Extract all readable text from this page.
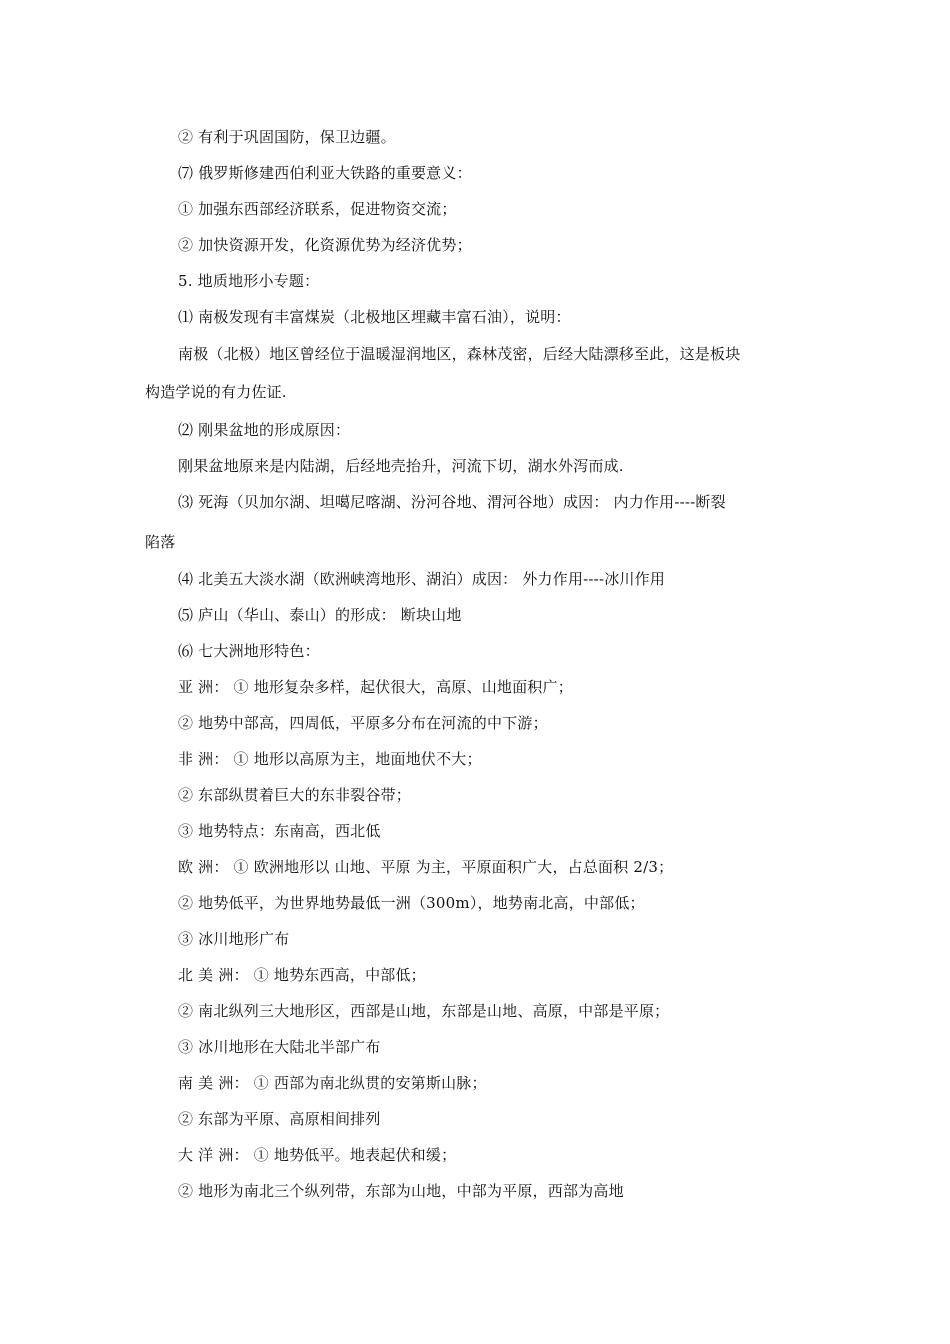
② 有利于巩固国防，保卫边疆。
⑺ 俄罗斯修建西伯利亚大铁路的重要意义：
① 加强东西部经济联系，促进物资交流；
② 加快资源开发，化资源优势为经济优势；
5. 地质地形小专题：
⑴ 南极发现有丰富煤炭（北极地区埋藏丰富石油），说明：
南极（北极）地区曾经位于温暖湿润地区，森林茂密，后经大陆漂移至此，这是板块
构造学说的有力佐证.
⑵ 刚果盆地的形成原因：
刚果盆地原来是内陆湖，后经地壳抬升，河流下切，湖水外泻而成.
⑶ 死海（贝加尔湖、坦噶尼喀湖、汾河谷地、渭河谷地）成因： 内力作用----断裂
陷落
⑷ 北美五大淡水湖（欧洲峡湾地形、湖泊）成因： 外力作用----冰川作用
⑸ 庐山（华山、泰山）的形成： 断块山地
⑹ 七大洲地形特色：
亚 洲： ① 地形复杂多样，起伏很大，高原、山地面积广；
② 地势中部高，四周低，平原多分布在河流的中下游；
非 洲： ① 地形以高原为主，地面地伏不大；
② 东部纵贯着巨大的东非裂谷带；
③ 地势特点：东南高，西北低
欧 洲： ① 欧洲地形以 山地、平原 为主，平原面积广大，占总面积 2/3；
② 地势低平，为世界地势最低一洲（300m），地势南北高，中部低；
③ 冰川地形广布
北 美 洲： ① 地势东西高，中部低；
② 南北纵列三大地形区，西部是山地，东部是山地、高原，中部是平原；
③ 冰川地形在大陆北半部广布
南 美 洲： ① 西部为南北纵贯的安第斯山脉；
② 东部为平原、高原相间排列
大 洋 洲： ① 地势低平。地表起伏和缓；
② 地形为南北三个纵列带，东部为山地，中部为平原，西部为高地
